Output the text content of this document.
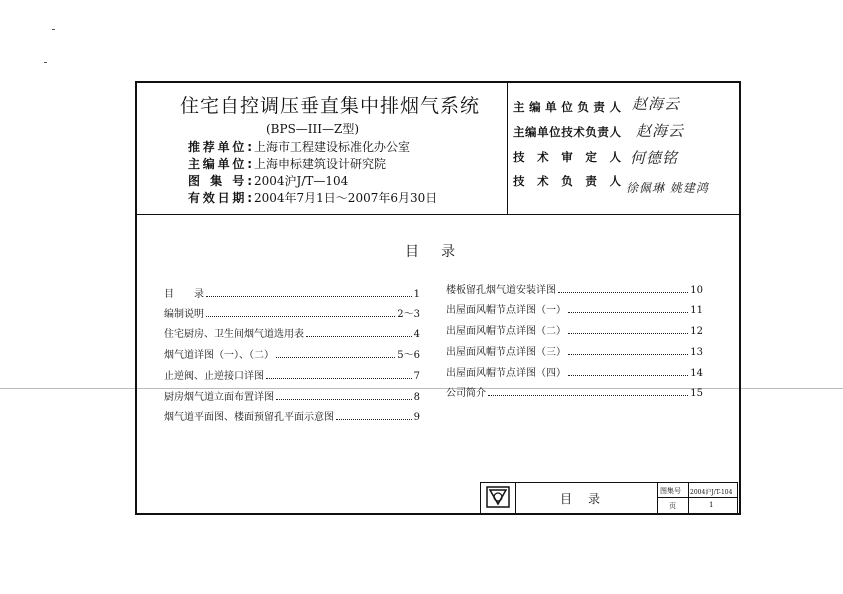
住宅自控调压垂直集中排烟气系统
(BPS—III—Z型)
推荐单位: 上海市工程建设标准化办公室
主编单位: 上海申标建筑设计研究院
图 集 号: 2004沪J/T—104
有效日期: 2004年7月1日～2007年6月30日
主编单位负责人 赵海云
主编单位技术负责人 赵海云
技术审定人 何德铭
技术负责人 徐佩琳 姚建鸿
目录
目　　录	1
编制说明	2～3
住宅厨房、卫生间烟气道选用表	4
烟气道详图（一）、（二）	5～6
止逆阀、止逆接口详图	7
厨房烟气道立面布置详图	8
烟气道平面图、楼面预留孔平面示意图	9
楼板留孔烟气道安装详图	10
出屋面风帽节点详图（一）	11
出屋面风帽节点详图（二）	12
出屋面风帽节点详图（三）	13
出屋面风帽节点详图（四）	14
公司简介	15
目录
图集号 2004沪J/T-104
页	1
